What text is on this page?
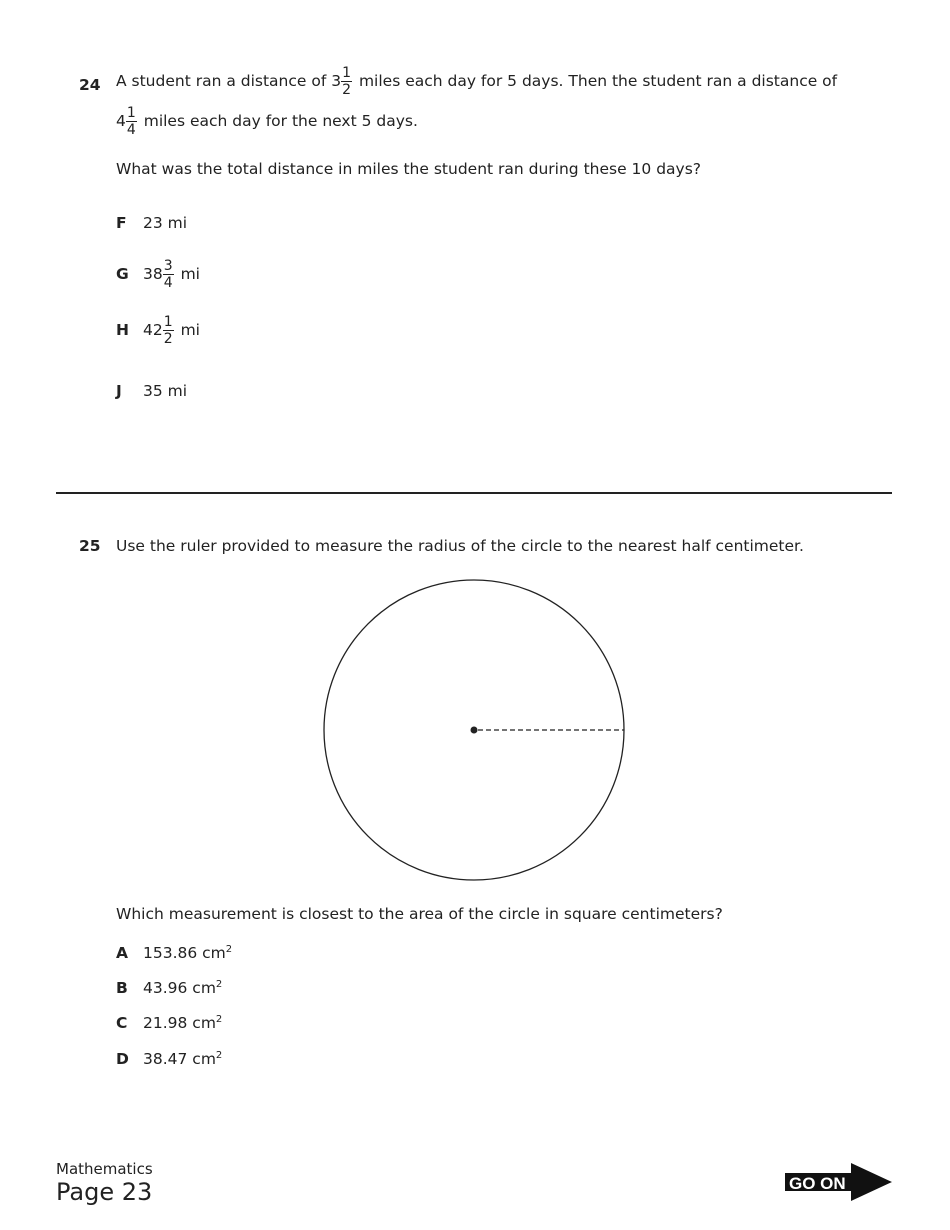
24 A student ran a distance of $3 \frac{1}{2}$ miles each day for 5 days. Then the student ran a distance of
$4 \frac{1}{4}$ miles each day for the next 5 days.
What was the total distance in miles the student ran during these 10 days?
F 23 mi
G $38 \frac{3}{4}$ mi
H $42 \frac{1}{2}$ mi
J 35 mi
25 Use the ruler provided to measure the radius of the circle to the nearest half centimeter.
Which measurement is closest to the area of the circle in square centimeters?
A 153.86 $cm^2$
B 43.96 $cm^2$
C 21.98 $cm^2$
D 38.47 $cm^2$
Mathematics
Page 23	GO ON
